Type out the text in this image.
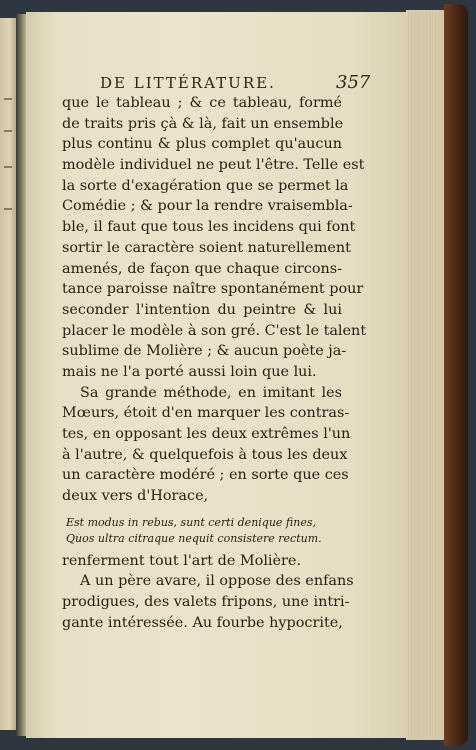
DE LITTÉRATURE.	357
que le tableau ; & ce tableau, formé
de traits pris çà & là, fait un ensemble
plus continu & plus complet qu'aucun
modèle individuel ne peut l'être. Telle est
la sorte d'exagération que se permet la
Comédie ; & pour la rendre vraisembla-
ble, il faut que tous les incidens qui font
sortir le caractère soient naturellement
amenés, de façon que chaque circons-
tance paroisse naître spontanément pour
seconder l'intention du peintre & lui
placer le modèle à son gré. C'est le talent
sublime de Molière ; & aucun poète ja-
mais ne l'a porté aussi loin que lui.
Sa grande méthode, en imitant les
Mœurs, étoit d'en marquer les contras-
tes, en opposant les deux extrêmes l'un
à l'autre, & quelquefois à tous les deux
un caractère modéré ; en sorte que ces
deux vers d'Horace,
Est modus in rebus, sunt certi denique fines,
Quos ultra citraque nequit consistere rectum.
renferment tout l'art de Molière.
A un père avare, il oppose des enfans
prodigues, des valets fripons, une intri-
gante intéressée. Au fourbe hypocrite,
